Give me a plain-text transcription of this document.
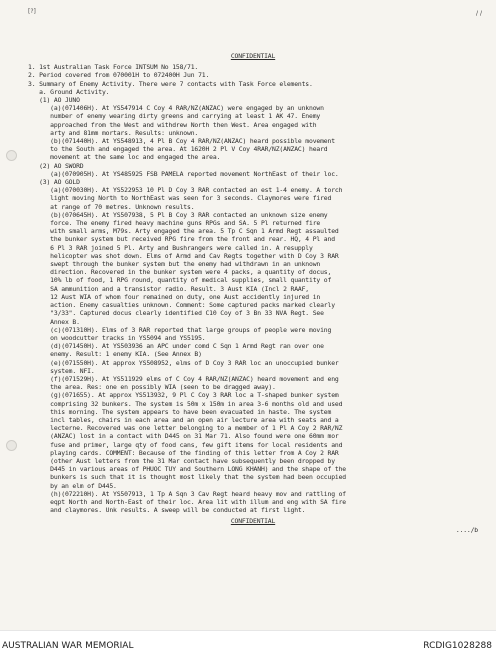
[?]	/ /
CONFIDENTIAL
1. 1st Australian Task Force INTSUM No 158/71.
2. Period covered from 070001H to 072400H Jun 71.
3. Summary of Enemy Activity. There were 7 contacts with Task Force elements.
a. Ground Activity.
(1) AO JUNO
(a)(071406H). At YS547914 C Coy 4 RAR/NZ(ANZAC) were engaged by an unknown
number of enemy wearing dirty greens and carrying at least 1 AK 47. Enemy
approached from the West and withdrew North then West. Area engaged with
arty and 81mm mortars. Results: unknown.
(b)(071440H). At YS548913, 4 Pl B Coy 4 RAR/NZ(ANZAC) heard possible movement
to the South and engaged the area. At 1620H 2 Pl V Coy 4RAR/NZ(ANZAC) heard
movement at the same loc and engaged the area.
(2) AO SWORD
(a)(070905H). At YS485925 FSB PAMELA reported movement NorthEast of their loc.
(3) AO GOLD
(a)(070030H). At YS522953 10 Pl D Coy 3 RAR contacted an est 1-4 enemy. A torch
light moving North to NorthEast was seen for 3 seconds. Claymores were fired
at range of 70 metres. Unknown results.
(b)(070645H). At YS507938, 5 Pl B Coy 3 RAR contacted an unknown size enemy
force. The enemy fired heavy machine guns RPGs and SA. 5 Pl returned fire
with small arms, M79s. Arty engaged the area. 5 Tp C Sqn 1 Armd Regt assaulted
the bunker system but received RPG fire from the front and rear. HQ, 4 Pl and
6 Pl 3 RAR joined 5 Pl. Arty and Bushrangers were called in. A resupply
helicopter was shot down. Elms of Armd and Cav Regts together with D Coy 3 RAR
swept through the bunker system but the enemy had withdrawn in an unknown
direction. Recovered in the bunker system were 4 packs, a quantity of docus,
10% lb of food, 1 RPG round, quantity of medical supplies, small quantity of
SA ammunition and a transistor radio. Result. 3 Aust KIA (Incl 2 RAAF,
12 Aust WIA of whom four remained on duty, one Aust accidently injured in
action. Enemy casualties unknown. Comment: Some captured packs marked clearly
"3/33". Captured docus clearly identified C10 Coy of 3 Bn 33 NVA Regt. See
Annex B.
(c)(071310H). Elms of 3 RAR reported that large groups of people were moving
on woodcutter tracks in YS5094 and YS5195.
(d)(071450H). At YS503936 an APC under comd C Sqn 1 Armd Regt ran over one
enemy. Result: 1 enemy KIA. (See Annex B)
(e)(071550H). At approx YS508952, elms of D Coy 3 RAR loc an unoccupied bunker
system. NFI.
(f)(071529H). At YS511929 elms of C Coy 4 RAR/NZ(ANZAC) heard movement and eng
the area. Res: one en possibly WIA (seen to be dragged away).
(g)(071655). At approx YS513932, 9 Pl C Coy 3 RAR loc a T-shaped bunker system
comprising 32 bunkers. The system is 50m x 150m in area 3-6 months old and used
this morning. The system appears to have been evacuated in haste. The system
incl tables, chairs in each area and an open air lecture area with seats and a
lecterne. Recovered was one letter belonging to a member of 1 Pl A Coy 2 RAR/NZ
(ANZAC) lost in a contact with D445 on 31 Mar 71. Also found were one 60mm mor
fuse and primer, large qty of food cans, few gift items for local residents and
playing cards. COMMENT: Because of the finding of this letter from A Coy 2 RAR
(other Aust letters from the 31 Mar contact have subsequently been dropped by
D445 in various areas of PHUOC TUY and Southern LONG KHANH) and the shape of the
bunkers is such that it is thought most likely that the system had been occupied
by an elm of D445.
(h)(072210H). At YS507913, 1 Tp A Sqn 3 Cav Regt heard heavy mov and rattling of
eqpt North and North-East of their loc. Area lit with illum and eng with SA fire
and claymores. Unk results. A sweep will be conducted at first light.
CONFIDENTIAL
..../b
AUSTRALIAN WAR MEMORIAL	RCDIG1028288
